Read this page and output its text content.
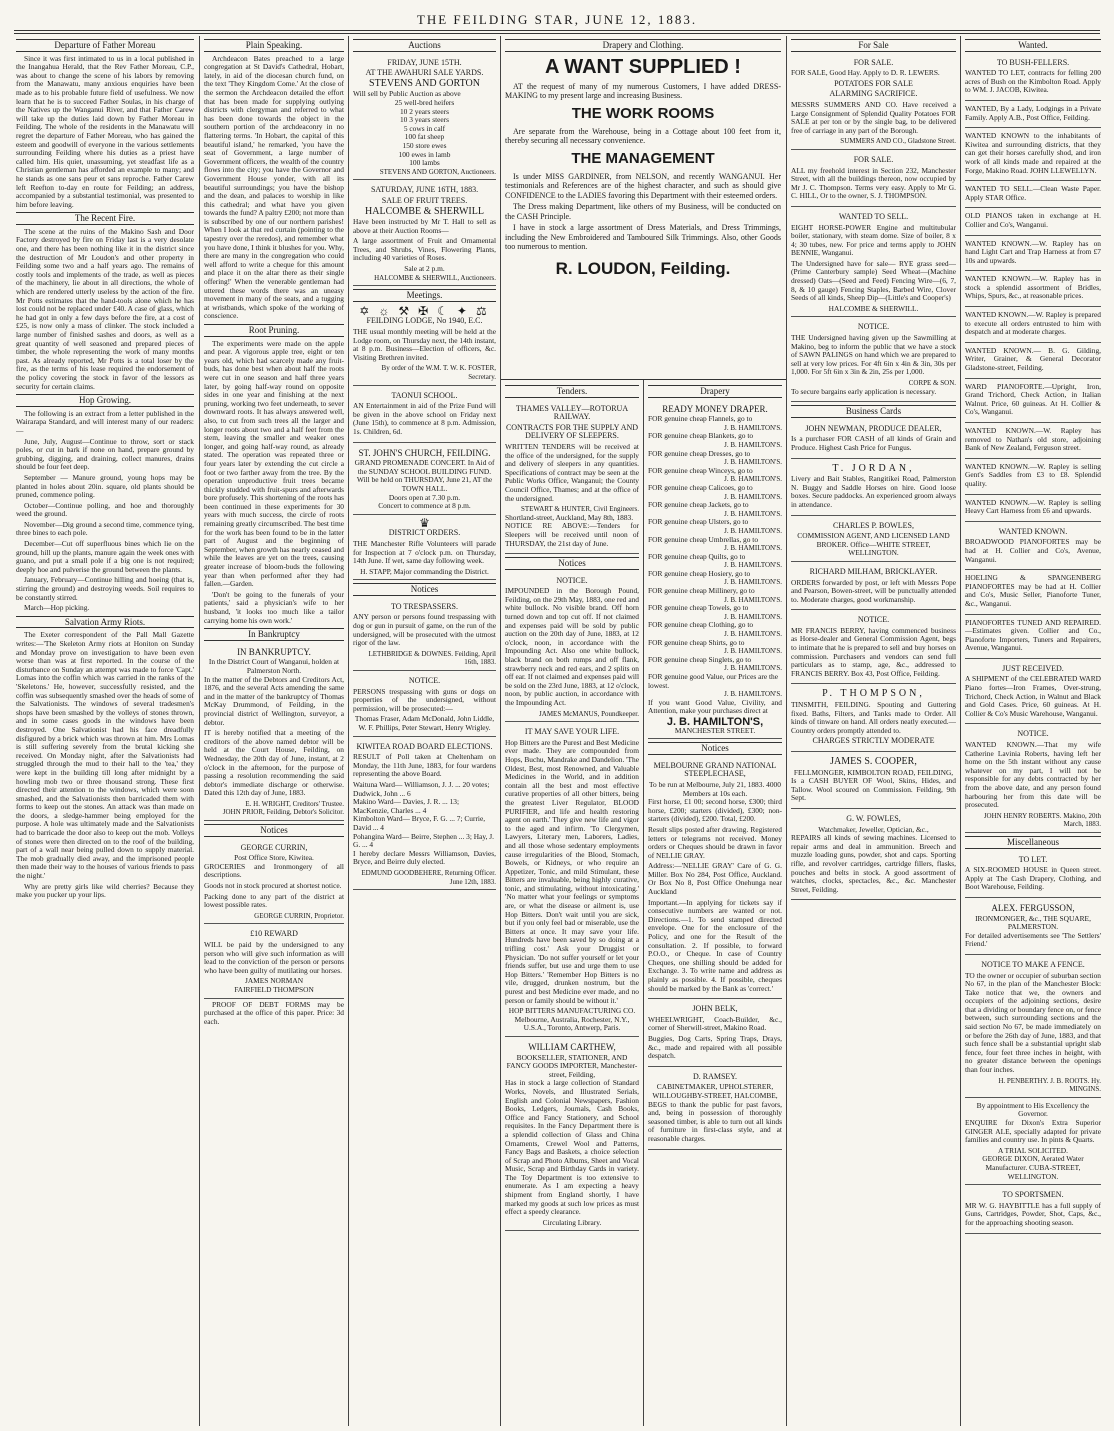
THE FEILDING STAR, JUNE 12, 1883.
Departure of Father Moreau

Since it was first intimated to us in a local published in the Inangahua Herald, that the Rev Father Moreau, C.P., was about to change the scene of his labors by removing from the Manawatu, many anxious enquiries have been made as to his probable future field of usefulness. We now learn that he is to succeed Father Soulas, in his charge of the Natives up the Wanganui River, and that Father Carew will take up the duties laid down by Father Moreau in Feilding. The whole of the residents in the Manawatu will regret the departure of Father Moreau, who has gained the esteem and goodwill of everyone in the various settlements surrounding Feilding where his duties as a priest have called him. His quiet, unassuming, yet steadfast life as a Christian gentleman has afforded an example to many; and he stands as one sans peur et sans reproche. Father Carew left Reefton to-day en route for Feilding; an address, accompanied by a substantial testimonial, was presented to him before leaving.

The Recent Fire.

The scene at the ruins of the Makino Sash and Door Factory destroyed by fire on Friday last is a very desolate one, and there has been nothing like it in the district since the destruction of Mr Loudon's and other property in Feilding some two and a half years ago. The remains of costly tools and implements of the trade, as well as pieces of the machinery, lie about in all directions, the whole of which are rendered utterly useless by the action of the fire. Mr Potts estimates that the hand-tools alone which he has lost could not be replaced under £40. A case of glass, which he had got in only a few days before the fire, at a cost of £25, is now only a mass of clinker. The stock included a large number of finished sashes and doors, as well as a great quantity of well seasoned and prepared pieces of timber, the whole representing the work of many months past. As already reported, Mr Potts is a total loser by the fire, as the terms of his lease required the endorsement of the policy covering the stock in favor of the lessors as security for certain claims.

Hop Growing.

The following is an extract from a letter published in the Wairarapa Standard, and will interest many of our readers:—

June, July, August—Continue to throw, sort or stack poles, or cut in bark if none on hand, prepare ground by grubbing, digging, and draining, collect manures, drains should be four feet deep.

September — Manure ground, young hops may be planted in holes about 20in. square, old plants should be pruned, commence poling.

October—Continue polling, and hoe and thoroughly weed the ground.

November—Dig ground a second time, commence tying, three bines to each pole.

December—Cut off superfluous bines which lie on the ground, hill up the plants, manure again the week ones with guano, and put a small pole if a big one is not required; deeply hoe and pulverise the ground between the plants.

January, February—Continue hilling and hoeing (that is, stirring the ground) and destroying weeds. Soil requires to be constantly stirred.

March—Hop picking.

Salvation Army Riots.

The Exeter correspondent of the Pall Mall Gazette writes:—'The Skeleton Army riots at Honiton on Sunday and Monday prove on investigation to have been even worse than was at first reported. In the course of the disturbance on Sunday an attempt was made to force 'Capt.' Lomas into the coffin which was carried in the ranks of the 'Skeletons.' He, however, successfully resisted, and the coffin was subsequently smashed over the heads of some of the Salvationists. The windows of several tradesmen's shops have been smashed by the volleys of stones thrown, and in some cases goods in the windows have been destroyed. One Salvationist had his face dreadfully disfigured by a brick which was thrown at him. Mrs Lomas is still suffering severely from the brutal kicking she received. On Monday night, after the Salvationists had struggled through the mud to their hall to the 'tea,' they were kept in the building till long after midnight by a howling mob two or three thousand strong. These first directed their attention to the windows, which were soon smashed, and the Salvationists then barricaded them with forms to keep out the stones. An attack was than made on the doors, a sledge-hammer being employed for the purpose. A hole was ultimately made and the Salvationists had to barricade the door also to keep out the mob. Volleys of stones were then directed on to the roof of the building, part of a wall near being pulled down to supply material. The mob gradually died away, and the imprisoned people then made their way to the houses of various friends to pass the night.'

Why are pretty girls like wild cherries? Because they make you pucker up your lips.

Plain Speaking.

Archdeacon Bates preached to a large congregation at St David's Cathedral, Hobart, lately, in aid of the diocesan church fund, on the text 'They Kingdom Come.' At the close of the sermon the Archdeacon detailed the effort that has been made for supplying outlying districts with clergyman and referred to what has been done towards the object in the southern portion of the archdeaconry in no flattering terms. 'In Hobart, the capital of this beautiful island,' he remarked, 'you have the seat of Government, a large number of Government officers, the wealth of the country flows into the city; you have the Governor and Government House yonder, with all its beautiful surroundings; you have the bishop and the dean, and palaces to worship in like this cathedral; and what have you given towards the fund? A paltry £200; not more than is subscribed by one of our northern parishes! When I look at that red curtain (pointing to the tapestry over the reredos), and remember what you have done, I think it blushes for you. Why, there are many in the congregation who could well afford to write a cheque for this amount and place it on the altar there as their single offering!' When the venerable gentleman had uttered these words there was an uneasy movement in many of the seats, and a tugging at wristbands, which spoke of the working of conscience.

Root Pruning.

The experiments were made on the apple and pear. A vigorous apple tree, eight or ten years old, which had scarcely made any fruit-buds, has done best when about half the roots were cut in one season and half three years later, by going half-way round on opposite sides in one year and finishing at the next pruning, working two feet underneath, to sever downward roots. It has always answered well, also, to cut from such trees all the larger and longer roots about two and a half feet from the stem, leaving the smaller and weaker ones longer, and going half-way round, as already stated. The operation was repeated three or four years later by extending the cut circle a foot or two farther away from the tree. By the operation unproductive fruit trees became thickly studded with fruit-spurs and afterwards bore profusely. This shortening of the roots has been continued in these experiments for 30 years with much success, the circle of roots remaining greatly circumscribed. The best time for the work has been found to be in the latter part of August and the beginning of September, when growth has nearly ceased and while the leaves are yet on the trees, causing greater increase of bloom-buds the following year than when performed after they had fallen.—Garden.

'Don't be going to the funerals of your patients,' said a physician's wife to her husband, 'it looks too much like a tailor carrying home his own work.'

In Bankruptcy
IN BANKRUPTCY.
In the District Court of Wanganui, holden at Palmerston North.

In the matter of the Debtors and Creditors Act, 1876, and the several Acts amending the same and in the matter of the bankruptcy of Thomas McKay Drummond, of Feilding, in the provincial district of Wellington, surveyor, a debtor.

IT is hereby notified that a meeting of the creditors of the above named debtor will be held at the Court House, Feilding, on Wednesday, the 20th day of June, instant, at 2 o'clock in the afternoon, for the purpose of passing a resolution recommending the said debtor's immediate discharge or otherwise. Dated this 12th day of June, 1883.

E. H. WRIGHT, Creditors' Trustee.
JOHN PRIOR, Feilding, Debtor's Solicitor.
Notices
GEORGE CURRIN,
Post Office Store, Kiwitea.

GROCERIES and Ironmongery of all descriptions.

Goods not in stock procured at shortest notice.

Packing done to any part of the district at lowest possible rates.

GEORGE CURRIN, Proprietor.
£10 REWARD

WILL be paid by the undersigned to any person who will give such information as will lead to the conviction of the person or persons who have been guilty of mutilating our horses.

JAMES NORMAN
FAIRFIELD THOMPSON

PROOF OF DEBT FORMS may be purchased at the office of this paper. Price: 3d each.

Auctions
FRIDAY, JUNE 15TH.
AT THE AWAHURI SALE YARDS.
STEVENS AND GORTON
Will sell by Public Auction as above
25 well-bred heifers
10 2 years steers
10 3 years steers
5 cows in calf
100 fat sheep
150 store ewes
100 ewes in lamb
100 lambs
STEVENS AND GORTON, Auctioneers.
SATURDAY, JUNE 16TH, 1883.
SALE OF FRUIT TREES.
HALCOMBE & SHERWILL

Have been instructed by Mr T. Hall to sell as above at their Auction Rooms—

A large assortment of Fruit and Ornamental Trees, and Shrubs, Vines, Flowering Plants, including 40 varieties of Roses.

Sale at 2 p.m.
HALCOMBE & SHERWILL, Auctioneers.
Meetings.
✡ ☼ ⚒ ✠ ☾ ✦ ⚖
FEILDING LODGE, No 1940, E.C.

THE usual monthly meeting will be held at the Lodge room, on Thursday next, the 14th instant, at 8 p.m. Business—Election of officers, &c. Visiting Brethren invited.

By order of the W.M. T. W. K. FOSTER, Secretary.
TAONUI SCHOOL.

AN Entertainment in aid of the Prize Fund will be given in the above school on Friday next (June 15th), to commence at 8 p.m. Admission, 1s. Children, 6d.

ST. JOHN'S CHURCH, FEILDING.
GRAND PROMENADE CONCERT. In Aid of the SUNDAY SCHOOL BUILDING FUND.
Will be held on THURSDAY, June 21, AT the TOWN HALL.
Doors open at 7.30 p.m.
Concert to commence at 8 p.m.
♛
DISTRICT ORDERS.

THE Manchester Rifle Volunteers will parade for Inspection at 7 o'clock p.m. on Thursday, 14th June. If wet, same day following week.

H. STAPP, Major commanding the District.
Notices
TO TRESPASSERS.

ANY person or persons found trespassing with dog or gun in pursuit of game, on the run of the undersigned, will be prosecuted with the utmost rigor of the law.

LETHBRIDGE & DOWNES. Feilding, April 16th, 1883.
NOTICE.

PERSONS trespassing with guns or dogs on properties of the undersigned, without permission, will be prosecuted:—

Thomas Fraser, Adam McDonald, John Liddle, W. F. Phillips, Peter Stewart, Henry Wrigley.
KIWITEA ROAD BOARD ELECTIONS.

RESULT of Poll taken at Cheltenham on Monday, the 11th June, 1883, for four wardens representing the above Board.

Waituna Ward— Williamson, J. J. ... 20 votes; Dudwick, John ... 6
Makino Ward— Davies, J. R. ... 13; MacKenzie, Charles ... 4
Kimbolton Ward— Bryce, F. G. ... 7; Currie, David ... 4
Pohangina Ward— Beirre, Stephen ... 3; Hay, J. G. ... 4

I hereby declare Messrs Williamson, Davies, Bryce, and Beirre duly elected.

EDMUND GOODBEHERE, Returning Officer. June 12th, 1883.
Drapery and Clothing.
A WANT SUPPLIED !

AT the request of many of my numerous Customers, I have added DRESS-MAKING to my present large and increasing Business.

THE WORK ROOMS

Are separate from the Warehouse, being in a Cottage about 100 feet from it, thereby securing all necessary convenience.

THE MANAGEMENT

Is under MISS GARDINER, from NELSON, and recently WANGANUI. Her testimonials and References are of the highest character, and such as should give CONFIDENCE to the LADIES favoring this Department with their esteemed orders.

The Dress making Department, like others of my Business, will be conducted on the CASH Principle.

I have in stock a large assortment of Dress Materials, and Dress Trimmings, including the New Embroidered and Tamboured Silk Trimmings. Also, other Goods too numerous to mention.

R. LOUDON, Feilding.
Tenders.
THAMES VALLEY—ROTORUA RAILWAY.
CONTRACTS FOR THE SUPPLY AND DELIVERY OF SLEEPERS.

WRITTEN TENDERS will be received at the office of the undersigned, for the supply and delivery of sleepers in any quantities. Specifications of contract may be seen at the Public Works Office, Wanganui; the County Council Office, Thames; and at the office of the undersigned.

STEWART & HUNTER, Civil Engineers.
Shortland-street, Auckland, May 8th, 1883.

NOTICE RE ABOVE:—Tenders for Sleepers will be received until noon of THURSDAY, the 21st day of June.

Notices
NOTICE.

IMPOUNDED in the Borough Pound, Feilding, on the 29th May, 1883, one red and white bullock. No visible brand. Off horn turned down and top cut off. If not claimed and expenses paid will be sold by public auction on the 20th day of June, 1883, at 12 o'clock, noon, in accordance with the Impounding Act. Also one white bullock, black brand on both rumps and off flank, strawberry neck and red ears, and 2 splits on off ear. If not claimed and expenses paid will be sold on the 23rd June, 1883, at 12 o'clock, noon, by public auction, in accordance with the Impounding Act.

JAMES McMANUS, Poundkeeper.
IT MAY SAVE YOUR LIFE.

Hop Bitters are the Purest and Best Medicine ever made. They are compounded from Hops, Buchu, Mandrake and Dandelion. 'The Oldest, Best, most Renowned, and Valuable Medicines in the World, and in addition contain all the best and most effective curative properties of all other bitters, being the greatest Liver Regulator, BLOOD PURIFIER, and life and health restoring agent on earth.' They give new life and vigor to the aged and infirm. 'To Clergymen, Lawyers, Literary men, Laborers, Ladies, and all those whose sedentary employments cause irregularities of the Blood, Stomach, Bowels, or Kidneys, or who require an Appetizer, Tonic, and mild Stimulant, these Bitters are invaluable, being highly curative, tonic, and stimulating, without intoxicating.' 'No matter what your feelings or symptoms are, or what the disease or ailment is, use Hop Bitters. Don't wait until you are sick, but if you only feel bad or miserable, use the Bitters at once. It may save your life. Hundreds have been saved by so doing at a trifling cost.' Ask your Druggist or Physician. 'Do not suffer yourself or let your friends suffer, but use and urge them to use Hop Bitters.' 'Remember Hop Bitters is no vile, drugged, drunken nostrum, but the purest and best Medicine ever made, and no person or family should be without it.'

HOP BITTERS MANUFACTURING CO. Melbourne, Australia, Rochester, N.Y., U.S.A., Toronto, Antwerp, Paris.
WILLIAM CARTHEW,
BOOKSELLER, STATIONER, AND FANCY GOODS IMPORTER, Manchester-street, Feilding,

Has in stock a large collection of Standard Works, Novels, and Illustrated Serials, English and Colonial Newspapers, Fashion Books, Ledgers, Journals, Cash Books, Office and Fancy Stationery, and School requisites. In the Fancy Department there is a splendid collection of Glass and China Ornaments, Crewel Wool and Patterns, Fancy Bags and Baskets, a choice selection of Scrap and Photo Albums, Sheet and Vocal Music, Scrap and Birthday Cards in variety. The Toy Department is too extensive to enumerate. As I am expecting a heavy shipment from England shortly, I have marked my goods at such low prices as must effect a speedy clearance.

Circulating Library.
Drapery
READY MONEY DRAPER.
FOR genuine cheap Flannels, go to
J. B. HAMILTON'S.
FOR genuine cheap Blankets, go to
J. B. HAMILTON'S.
FOR genuine cheap Dresses, go to
J. B. HAMILTON'S.
FOR genuine cheap Winceys, go to
J. B. HAMILTON'S.
FOR genuine cheap Calicoes, go to
J. B. HAMILTON'S.
FOR genuine cheap Jackets, go to
J. B. HAMILTON'S.
FOR genuine cheap Ulsters, go to
J. B. HAMILTON'S.
FOR genuine cheap Umbrellas, go to
J. B. HAMILTON'S.
FOR genuine cheap Quilts, go to
J. B. HAMILTON'S.
FOR genuine cheap Hosiery, go to
J. B. HAMILTON'S.
FOR genuine cheap Millinery, go to
J. B. HAMILTON'S.
FOR genuine cheap Towels, go to
J. B. HAMILTON'S.
FOR genuine cheap Clothing, go to
J. B. HAMILTON'S.
FOR genuine cheap Shirts, go to
J. B. HAMILTON'S.
FOR genuine cheap Singlets, go to
J. B. HAMILTON'S.
FOR genuine good Value, our Prices are the lowest.
J. B. HAMILTON'S.

If you want Good Value, Civility, and Attention, make your purchases direct at

J. B. HAMILTON'S,
MANCHESTER STREET.
Notices
MELBOURNE GRAND NATIONAL STEEPLECHASE,
To be run at Melbourne, July 21, 1883. 4000 Members at 10s each.

First horse, £1 00; second horse, £300; third horse, £200; starters (divided), £300; non-starters (divided), £200. Total, £200.

Result slips posted after drawing. Registered letters or telegrams not received. Money orders or Cheques should be drawn in favor of NELLIE GRAY.

Address:—'NELLIE GRAY' Care of G. G. Miller. Box No 284, Post Office, Auckland. Or Box No 8, Post Office Onehunga near Auckland

Important.—In applying for tickets say if consecutive numbers are wanted or not. Directions.—1. To send stamped directed envelope. One for the enclosure of the Policy, and one for the Result of the consultation. 2. If possible, to forward P.O.O., or Cheque. In case of Country Cheques, one shilling should be added for Exchange. 3. To write name and address as plainly as possible. 4. If possible, cheques should be marked by the Bank as 'correct.'

JOHN BELK,

WHEELWRIGHT, Coach-Builder, &c., corner of Sherwill-street, Makino Road.

Buggies, Dog Carts, Spring Traps, Drays, &c., made and repaired with all possible despatch.

D. RAMSEY.
CABINETMAKER, UPHOLSTERER, WILLOUGHBY-STREET, HALCOMBE,

BEGS to thank the public for past favors, and, being in possession of thoroughly seasoned timber, is able to turn out all kinds of furniture in first-class style, and at reasonable charges.

For Sale
FOR SALE.

FOR SALE, Good Hay. Apply to D. R. LEWERS.

POTATOES FOR SALE
ALARMING SACRIFICE.

MESSRS SUMMERS AND CO. Have received a Large Consignment of Splendid Quality Potatoes FOR SALE at per ton or by the single bag, to be delivered free of carriage in any part of the Borough.

SUMMERS AND CO., Gladstone Street.
FOR SALE.

ALL my freehold interest in Section 232, Manchester Street, with all the buildings thereon, now occupied by Mr J. C. Thompson. Terms very easy. Apply to Mr G. C. HILL, Or to the owner, S. J. THOMPSON.

WANTED TO SELL.

EIGHT HORSE-POWER Engine and multitubular boiler, stationary, with steam dome. Size of boiler, 8 x 4; 30 tubes, new. For price and terms apply to JOHN BENNIE, Wanganui.

The Undersigned have for sale— RYE grass seed— (Prime Canterbury sample) Seed Wheat—(Machine dressed) Oats—(Seed and Feed) Fencing Wire—(6, 7, 8, & 10 gauge) Fencing Staples, Barbed Wire, Clover Seeds of all kinds, Sheep Dip—(Little's and Cooper's)

HALCOMBE & SHERWILL.
NOTICE.

THE Undersigned having given up the Sawmilling at Makino, beg to inform the public that we have a stock of SAWN PALINGS on hand which we are prepared to sell at very low prices. For 4ft 6in x 4in & 3in, 30s per 1,000. For 5ft 6in x 3in & 2in, 25s per 1,000.

CORPE & SON.

To secure bargains early application is necessary.

Business Cards
JOHN NEWMAN, PRODUCE DEALER,

Is a purchaser FOR CASH of all kinds of Grain and Produce. Highest Cash Price for Fungus.

T. JORDAN,

Livery and Bait Stables, Rangitikei Road, Palmerston N. Buggy and Saddle Horses on hire. Good loose boxes. Secure paddocks. An experienced groom always in attendance.

CHARLES P. BOWLES,
COMMISSION AGENT, AND LICENSED LAND BROKER. Office—WHITE STREET, WELLINGTON.
RICHARD MILHAM, BRICKLAYER.

ORDERS forwarded by post, or left with Messrs Pope and Pearson, Bowen-street, will be punctually attended to. Moderate charges, good workmanship.

NOTICE.

MR FRANCIS BERRY, having commenced business as Horse-dealer and General Commission Agent, begs to intimate that he is prepared to sell and buy horses on commission. Purchasers and vendors can send full particulars as to stamp, age, &c., addressed to FRANCIS BERRY. Box 43, Post Office, Feilding.

P. THOMPSON,

TINSMITH, FEILDING. Spouting and Guttering fixed. Baths, Filters, and Tanks made to Order. All kinds of tinware on hand. All orders neatly executed.—Country orders promptly attended to.

CHARGES STRICTLY MODERATE
JAMES S. COOPER,
FELLMONGER, KIMBOLTON ROAD, FEILDING,

Is a CASH BUYER OF Wool, Skins, Hides, and Tallow. Wool scoured on Commission. Feilding, 9th Sept.

G. W. FOWLES,
Watchmaker, Jeweller, Optician, &c.,

REPAIRS all kinds of sewing machines. Licensed to repair arms and deal in ammunition. Breech and muzzle loading guns, powder, shot and caps. Sporting rifle, and revolver cartridges, cartridge fillers, flasks, pouches and belts in stock. A good assortment of watches, clocks, spectacles, &c., &c. Manchester Street, Feilding.

Wanted.
TO BUSH-FELLERS.

WANTED TO LET, contracts for felling 200 acres of Bush on the Kimbolton Road. Apply to WM. J. JACOB, Kiwitea.

WANTED, By a Lady, Lodgings in a Private Family. Apply A.B., Post Office, Feilding.

WANTED KNOWN to the inhabitants of Kiwitea and surrounding districts, that they can get their horses carefully shod, and iron work of all kinds made and repaired at the Forge, Makino Road. JOHN LLEWELLYN.

WANTED TO SELL.—Clean Waste Paper. Apply STAR Office.

OLD PIANOS taken in exchange at H. Collier and Co's, Wanganui.

WANTED KNOWN.—W. Rapley has on hand Light Cart and Trap Harness at from £7 10s and upwards.

WANTED KNOWN.—W. Rapley has in stock a splendid assortment of Bridles, Whips, Spurs, &c., at reasonable prices.

WANTED KNOWN.—W. Rapley is prepared to execute all orders entrusted to him with despatch and at moderate charges.

WANTED KNOWN.— B. G. Gilding, Writer, Grainer, & General Decorator Gladstone-street, Feilding.

WARD PIANOFORTE.—Upright, Iron, Grand Trichord, Check Action, in Italian Walnut. Price, 60 guineas. At H. Collier & Co's, Wanganui.

WANTED KNOWN.—W. Rapley has removed to Nathan's old store, adjoining Bank of New Zealand, Ferguson street.

WANTED KNOWN.—W. Rapley is selling Gent's Saddles from £3 to £8. Splendid quality.

WANTED KNOWN.—W. Rapley is selling Heavy Cart Harness from £6 and upwards.

WANTED KNOWN.

BROADWOOD PIANOFORTES may be had at H. Collier and Co's, Avenue, Wanganui.

HOELING & SPANGENBERG PIANOFORTES may be had at H. Collier and Co's, Music Seller, Pianoforte Tuner, &c., Wanganui.

PIANOFORTES TUNED AND REPAIRED.—Estimates given. Collier and Co., Pianoforte Importers, Tuners and Repairers, Avenue, Wanganui.

JUST RECEIVED.

A SHIPMENT of the CELEBRATED WARD Piano fortes—Iron Frames, Over-strung, Trichord, Check Action, in Walnut and Black and Gold Cases. Price, 60 guineas. At H. Collier & Co's Music Warehouse, Wanganui.

NOTICE.

WANTED KNOWN.—That my wife Catherine Lavinia Roberts, having left her home on the 5th instant without any cause whatever on my part, I will not be responsible for any debts contracted by her from the above date, and any person found harbouring her from this date will be prosecuted.

JOHN HENRY ROBERTS. Makino, 20th March, 1883.
Miscellaneous
TO LET.

A SIX-ROOMED HOUSE in Queen street. Apply at The Cash Drapery, Clothing, and Boot Warehouse, Feilding.

ALEX. FERGUSSON,
IRONMONGER, &c., THE SQUARE, PALMERSTON.

For detailed advertisements see 'The Settlers' Friend.'

NOTICE TO MAKE A FENCE.

TO the owner or occupier of suburban section No 67, in the plan of the Manchester Block: Take notice that we, the owners and occupiers of the adjoining sections, desire that a dividing or boundary fence on, or fence between, such surrounding sections and the said section No 67, be made immediately on or before the 26th day of June, 1883, and that such fence shall be a substantial upright slab fence, four feet three inches in height, with no greater distance between the openings than four inches.

H. PENBERTHY. J. B. ROOTS. Hy. MINGINS.
By appointment to His Excellency the Governor.

ENQUIRE for Dixon's Extra Superior GINGER ALE, specially adapted for private families and country use. In pints & Quarts.

A TRIAL SOLICITED.
GEORGE DIXON, Aerated Water Manufacturer. CUBA-STREET, WELLINGTON.
TO SPORTSMEN.

MR W. G. HAYBITTLE has a full supply of Guns, Cartridges, Powder, Shot, Caps, &c., for the approaching shooting season.
